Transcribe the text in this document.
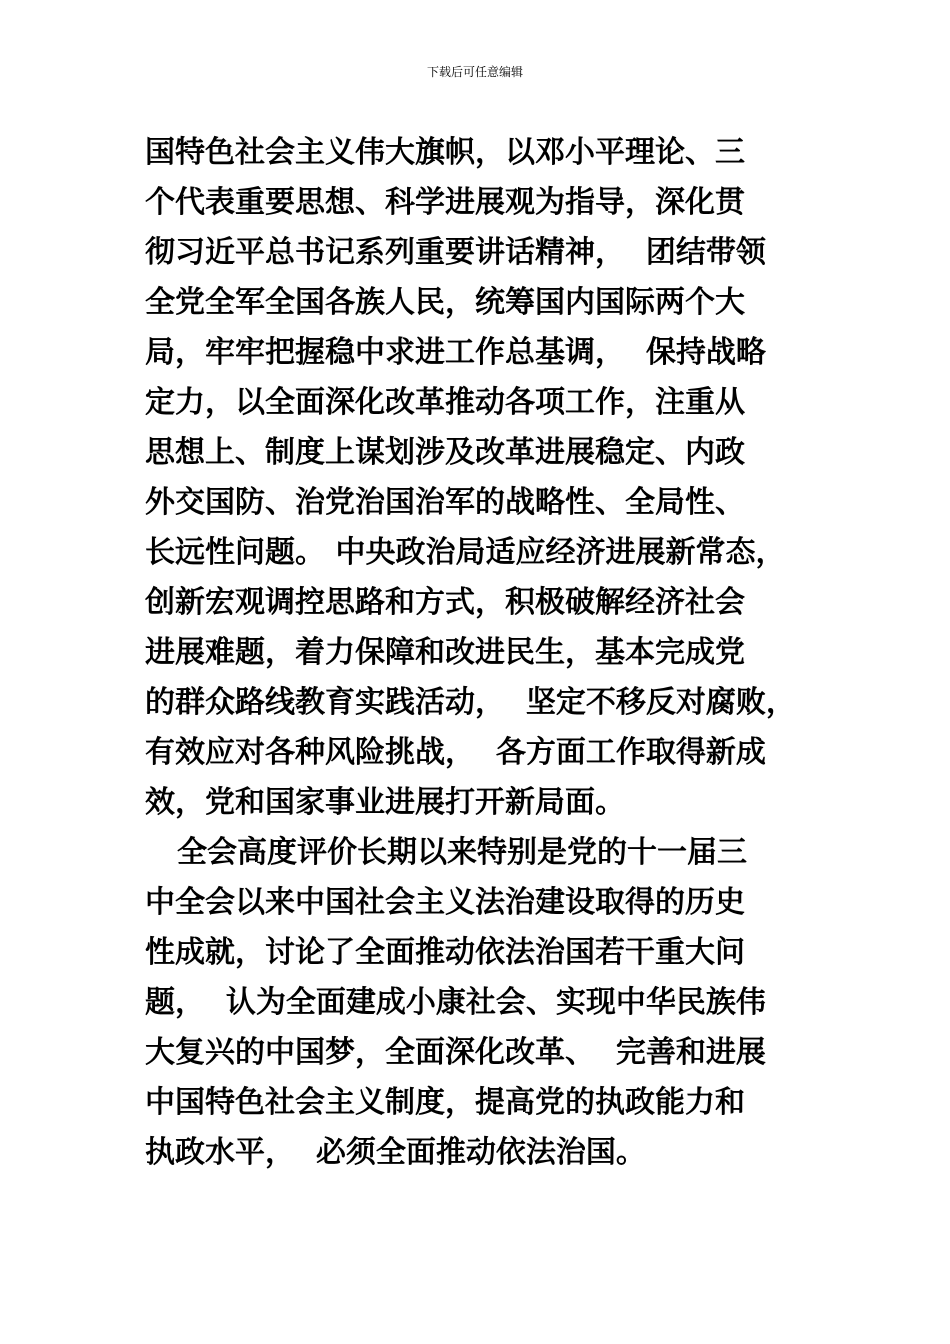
下载后可任意编辑
国特色社会主义伟大旗帜，以邓小平理论、三
个代表重要思想、科学进展观为指导，深化贯
彻习近平总书记系列重要讲话精神，  团结带领
全党全军全国各族人民，统筹国内国际两个大
局，牢牢把握稳中求进工作总基调，  保持战略
定力，以全面深化改革推动各项工作，注重从
思想上、制度上谋划涉及改革进展稳定、内政
外交国防、治党治国治军的战略性、全局性、
长远性问题。 中央政治局适应经济进展新常态，
创新宏观调控思路和方式，积极破解经济社会
进展难题，着力保障和改进民生，基本完成党
的群众路线教育实践活动，  坚定不移反对腐败，
有效应对各种风险挑战，  各方面工作取得新成
效，党和国家事业进展打开新局面。
全会高度评价长期以来特别是党的十一届三
中全会以来中国社会主义法治建设取得的历史
性成就，讨论了全面推动依法治国若干重大问
题，  认为全面建成小康社会、实现中华民族伟
大复兴的中国梦，全面深化改革、  完善和进展
中国特色社会主义制度，提高党的执政能力和
执政水平，  必须全面推动依法治国。
